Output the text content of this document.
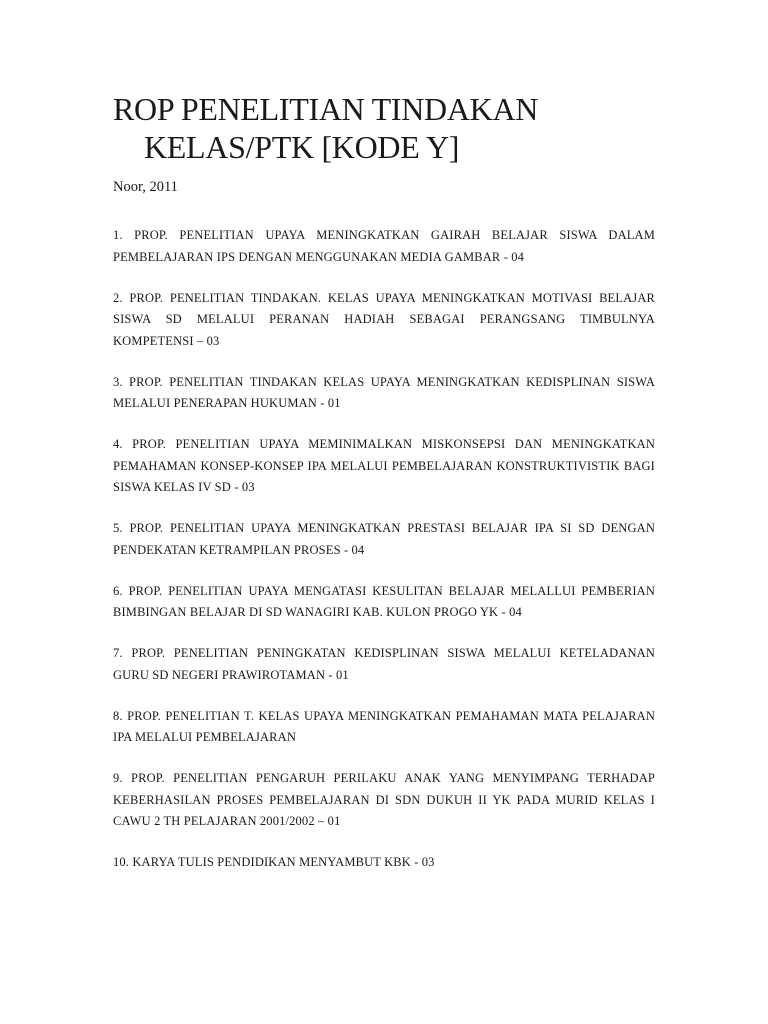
ROP PENELITIAN TINDAKAN
KELAS/PTK [KODE Y]
Noor, 2011

1. PROP. PENELITIAN UPAYA MENINGKATKAN GAIRAH BELAJAR SISWA DALAM PEMBELAJARAN IPS DENGAN MENGGUNAKAN MEDIA GAMBAR - 04

2. PROP. PENELITIAN TINDAKAN. KELAS UPAYA MENINGKATKAN MOTIVASI BELAJAR SISWA SD MELALUI PERANAN HADIAH SEBAGAI PERANGSANG TIMBULNYA KOMPETENSI – 03

3. PROP. PENELITIAN TINDAKAN KELAS UPAYA MENINGKATKAN KEDISPLINAN SISWA MELALUI PENERAPAN HUKUMAN - 01

4. PROP. PENELITIAN UPAYA MEMINIMALKAN MISKONSEPSI DAN MENINGKATKAN PEMAHAMAN KONSEP-KONSEP IPA MELALUI PEMBELAJARAN KONSTRUKTIVISTIK BAGI SISWA KELAS IV SD - 03

5. PROP. PENELITIAN UPAYA MENINGKATKAN PRESTASI BELAJAR IPA SI SD DENGAN PENDEKATAN KETRAMPILAN PROSES - 04

6. PROP. PENELITIAN UPAYA MENGATASI KESULITAN BELAJAR MELALLUI PEMBERIAN BIMBINGAN BELAJAR DI SD WANAGIRI KAB. KULON PROGO YK - 04

7. PROP. PENELITIAN PENINGKATAN KEDISPLINAN SISWA MELALUI KETELADANAN GURU SD NEGERI PRAWIROTAMAN - 01

8. PROP. PENELITIAN T. KELAS UPAYA MENINGKATKAN PEMAHAMAN MATA PELAJARAN IPA MELALUI PEMBELAJARAN

9. PROP. PENELITIAN PENGARUH PERILAKU ANAK YANG MENYIMPANG TERHADAP KEBERHASILAN PROSES PEMBELAJARAN DI SDN DUKUH II YK PADA MURID KELAS I CAWU 2 TH PELAJARAN 2001/2002 – 01

10. KARYA TULIS PENDIDIKAN MENYAMBUT KBK - 03
